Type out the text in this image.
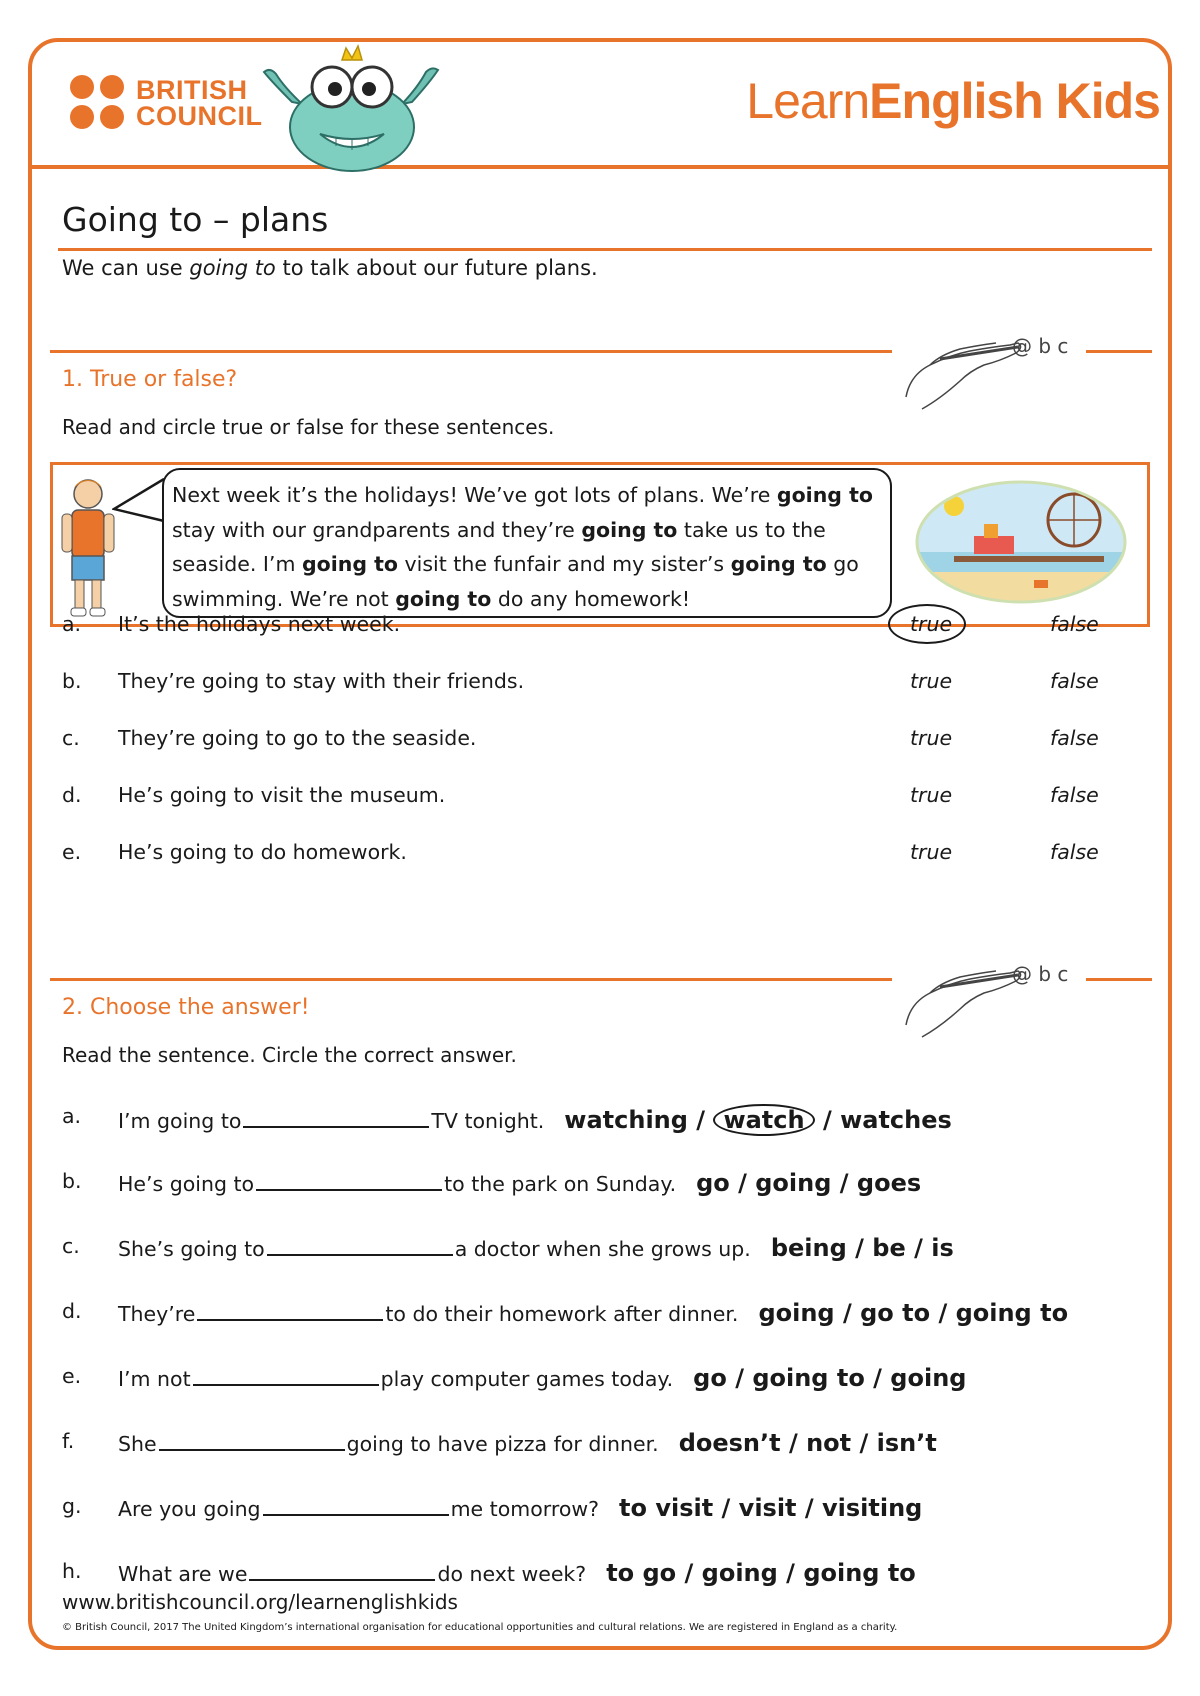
BRITISH
COUNCIL	LearnEnglish Kids
Going to – plans
We can use going to to talk about our future plans.
@ b c
1. True or false?
Read and circle true or false for these sentences.
Next week it’s the holidays! We’ve got lots of plans. We’re going to stay with our grandparents and they’re going to take us to the seaside. I’m going to visit the funfair and my sister’s going to go swimming. We’re not going to do any homework!
a. It’s the holidays next week.	true	false
b. They’re going to stay with their friends.	true	false
c. They’re going to go to the seaside.	true	false
d. He’s going to visit the museum.	true	false
e. He’s going to do homework.	true	false
@ b c
2. Choose the answer!
Read the sentence. Circle the correct answer.
a. I’m going to	TV tonight. watching / watch / watches
b. He’s going to	to the park on Sunday. go / going / goes
c. She’s going to	a doctor when she grows up. being / be / is
d. They’re	to do their homework after dinner. going / go to / going to
e. I’m not	play computer games today. go / going to / going
f. She	going to have pizza for dinner. doesn’t / not / isn’t
g. Are you going	me tomorrow? to visit / visit / visiting
h. What are we	do next week? to go / going / going to
www.britishcouncil.org/learnenglishkids
© British Council, 2017 The United Kingdom’s international organisation for educational opportunities and cultural relations. We are registered in England as a charity.
